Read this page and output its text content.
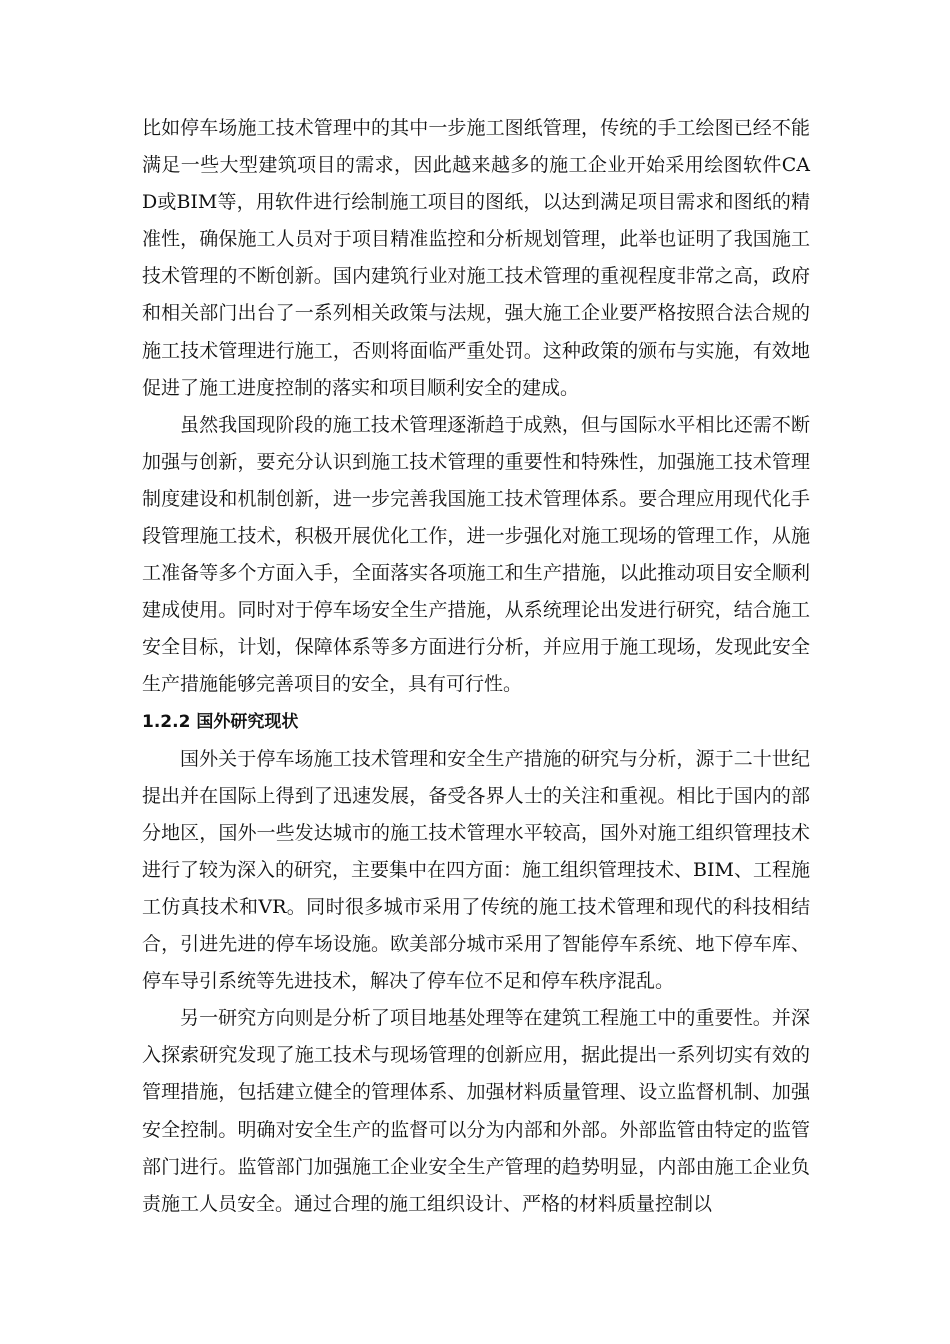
比如停车场施工技术管理中的其中一步施工图纸管理，传统的手工绘图已经不能满足一些大型建筑项目的需求，因此越来越多的施工企业开始采用绘图软件CAD或BIM等，用软件进行绘制施工项目的图纸，以达到满足项目需求和图纸的精准性，确保施工人员对于项目精准监控和分析规划管理，此举也证明了我国施工技术管理的不断创新。国内建筑行业对施工技术管理的重视程度非常之高，政府和相关部门出台了一系列相关政策与法规，强大施工企业要严格按照合法合规的施工技术管理进行施工，否则将面临严重处罚。这种政策的颁布与实施，有效地促进了施工进度控制的落实和项目顺利安全的建成。

虽然我国现阶段的施工技术管理逐渐趋于成熟，但与国际水平相比还需不断加强与创新，要充分认识到施工技术管理的重要性和特殊性，加强施工技术管理制度建设和机制创新，进一步完善我国施工技术管理体系。要合理应用现代化手段管理施工技术，积极开展优化工作，进一步强化对施工现场的管理工作，从施工准备等多个方面入手，全面落实各项施工和生产措施，以此推动项目安全顺利建成使用。同时对于停车场安全生产措施，从系统理论出发进行研究，结合施工安全目标，计划，保障体系等多方面进行分析，并应用于施工现场，发现此安全生产措施能够完善项目的安全，具有可行性。

1.2.2 国外研究现状

国外关于停车场施工技术管理和安全生产措施的研究与分析，源于二十世纪提出并在国际上得到了迅速发展，备受各界人士的关注和重视。相比于国内的部分地区，国外一些发达城市的施工技术管理水平较高，国外对施工组织管理技术进行了较为深入的研究，主要集中在四方面：施工组织管理技术、BIM、工程施工仿真技术和VR。同时很多城市采用了传统的施工技术管理和现代的科技相结合，引进先进的停车场设施。欧美部分城市采用了智能停车系统、地下停车库、停车导引系统等先进技术，解决了停车位不足和停车秩序混乱。

另一研究方向则是分析了项目地基处理等在建筑工程施工中的重要性。并深入探索研究发现了施工技术与现场管理的创新应用，据此提出一系列切实有效的管理措施，包括建立健全的管理体系、加强材料质量管理、设立监督机制、加强安全控制。明确对安全生产的监督可以分为内部和外部。外部监管由特定的监管部门进行。监管部门加强施工企业安全生产管理的趋势明显，内部由施工企业负责施工人员安全。通过合理的施工组织设计、严格的材料质量控制以
